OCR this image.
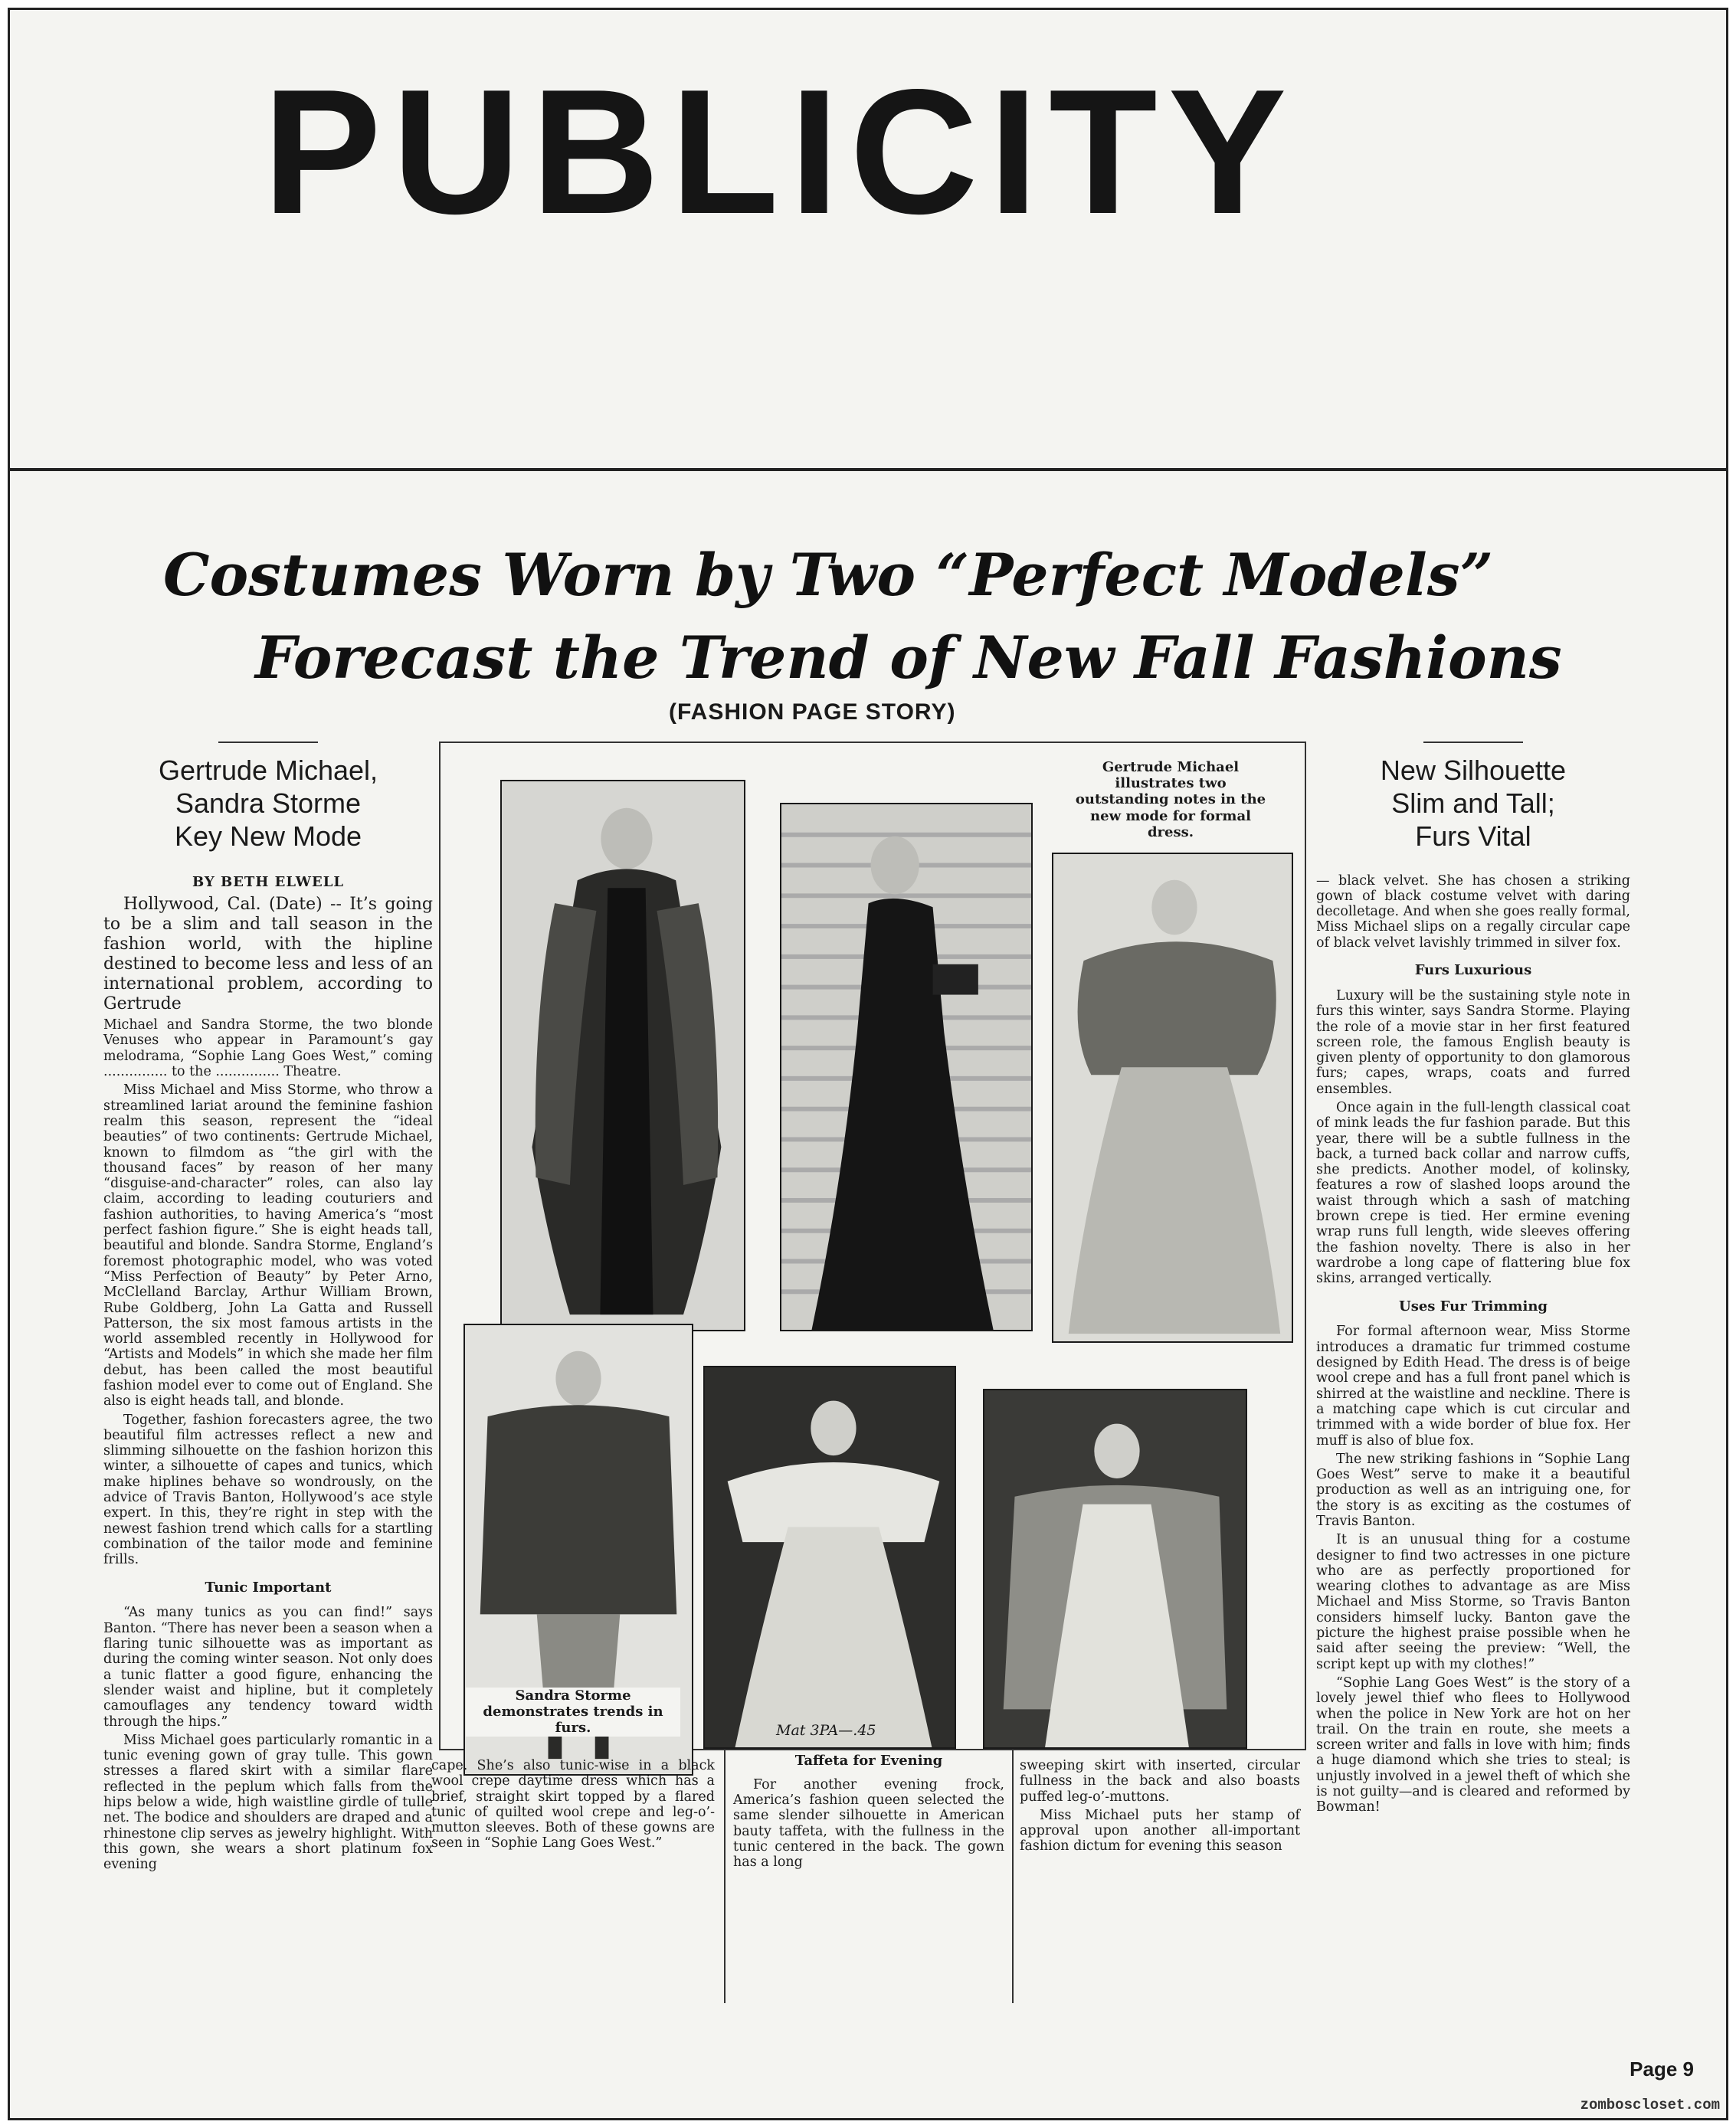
PUBLICITY
Costumes Worn by Two “Perfect Models”
Forecast the Trend of New Fall Fashions
(FASHION PAGE STORY)
Gertrude Michael,
Sandra Storme
Key New Mode
BY BETH ELWELL

Hollywood, Cal. (Date) -- It’s going to be a slim and tall season in the fashion world, with the hipline destined to become less and less of an international problem, according to Gertrude

Michael and Sandra Storme, the two blonde Venuses who appear in Paramount’s gay melodrama, “Sophie Lang Goes West,” coming ............... to the ............... Theatre.

Miss Michael and Miss Storme, who throw a streamlined lariat around the feminine fashion realm this season, represent the “ideal beauties” of two continents: Gertrude Michael, known to filmdom as “the girl with the thousand faces” by reason of her many “disguise-and-character” roles, can also lay claim, according to leading couturiers and fashion authorities, to having America’s “most perfect fashion figure.” She is eight heads tall, beautiful and blonde. Sandra Storme, England’s foremost photographic model, who was voted “Miss Perfection of Beauty” by Peter Arno, McClelland Barclay, Arthur William Brown, Rube Goldberg, John La Gatta and Russell Patterson, the six most famous artists in the world assembled recently in Hollywood for “Artists and Models” in which she made her film debut, has been called the most beautiful fashion model ever to come out of England. She also is eight heads tall, and blonde.

Together, fashion forecasters agree, the two beautiful film actresses reflect a new and slimming silhouette on the fashion horizon this winter, a silhouette of capes and tunics, which make hiplines behave so wondrously, on the advice of Travis Banton, Hollywood’s ace style expert. In this, they’re right in step with the newest fashion trend which calls for a startling combination of the tailor mode and feminine frills.

Tunic Important

“As many tunics as you can find!” says Banton. “There has never been a season when a flaring tunic silhouette was as important as during the coming winter season. Not only does a tunic flatter a good figure, enhancing the slender waist and hipline, but it completely camouflages any tendency toward width through the hips.”

Miss Michael goes particularly romantic in a tunic evening gown of gray tulle. This gown stresses a flared skirt with a similar flare reflected in the peplum which falls from the hips below a wide, high waistline girdle of tulle net. The bodice and shoulders are draped and a rhinestone clip serves as jewelry highlight. With this gown, she wears a short platinum fox evening

New Silhouette
Slim and Tall;
Furs Vital

— black velvet. She has chosen a striking gown of black costume velvet with daring decolletage. And when she goes really formal, Miss Michael slips on a regally circular cape of black velvet lavishly trimmed in silver fox.

Furs Luxurious

Luxury will be the sustaining style note in furs this winter, says Sandra Storme. Playing the role of a movie star in her first featured screen role, the famous English beauty is given plenty of opportunity to don glamorous furs; capes, wraps, coats and furred ensembles.

Once again in the full-length classical coat of mink leads the fur fashion parade. But this year, there will be a subtle fullness in the back, a turned back collar and narrow cuffs, she predicts. Another model, of kolinsky, features a row of slashed loops around the waist through which a sash of matching brown crepe is tied. Her ermine evening wrap runs full length, wide sleeves offering the fashion novelty. There is also in her wardrobe a long cape of flattering blue fox skins, arranged vertically.

Uses Fur Trimming

For formal afternoon wear, Miss Storme introduces a dramatic fur trimmed costume designed by Edith Head. The dress is of beige wool crepe and has a full front panel which is shirred at the waistline and neckline. There is a matching cape which is cut circular and trimmed with a wide border of blue fox. Her muff is also of blue fox.

The new striking fashions in “Sophie Lang Goes West” serve to make it a beautiful production as well as an intriguing one, for the story is as exciting as the costumes of Travis Banton.

It is an unusual thing for a costume designer to find two actresses in one picture who are as perfectly proportioned for wearing clothes to advantage as are Miss Michael and Miss Storme, so Travis Banton considers himself lucky. Banton gave the picture the highest praise possible when he said after seeing the preview: “Well, the script kept up with my clothes!”

“Sophie Lang Goes West” is the story of a lovely jewel thief who flees to Hollywood when the police in New York are hot on her trail. On the train en route, she meets a screen writer and falls in love with him; finds a huge diamond which she tries to steal; is unjustly involved in a jewel theft of which she is not guilty—and is cleared and reformed by Bowman!

Gertrude Michael illustrates two outstanding notes in the new mode for formal dress.
Sandra Storme demonstrates trends in furs.	Mat 3PA—.45

cape. She’s also tunic-wise in a black wool crepe daytime dress which has a brief, straight skirt topped by a flared tunic of quilted wool crepe and leg-o’-mutton sleeves. Both of these gowns are seen in “Sophie Lang Goes West.”

Taffeta for Evening

For another evening frock, America’s fashion queen selected the same slender silhouette in American bauty taffeta, with the fullness in the tunic centered in the back. The gown has a long

sweeping skirt with inserted, circular fullness in the back and also boasts puffed leg-o’-muttons.

Miss Michael puts her stamp of approval upon another all-important fashion dictum for evening this season

Page 9
zomboscloset.com
